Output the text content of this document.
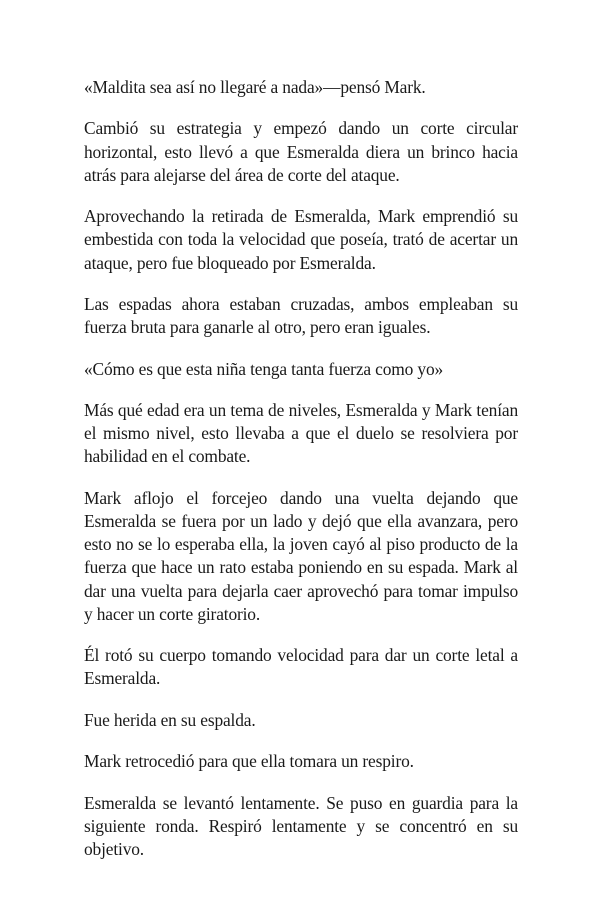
«Maldita sea así no llegaré a nada»—pensó Mark.

Cambió su estrategia y empezó dando un corte circular horizontal, esto llevó a que Esmeralda diera un brinco hacia atrás para alejarse del área de corte del ataque.

Aprovechando la retirada de Esmeralda, Mark emprendió su embestida con toda la velocidad que poseía, trató de acertar un ataque, pero fue bloqueado por Esmeralda.

Las espadas ahora estaban cruzadas, ambos empleaban su fuerza bruta para ganarle al otro, pero eran iguales.

«Cómo es que esta niña tenga tanta fuerza como yo»

Más qué edad era un tema de niveles, Esmeralda y Mark tenían el mismo nivel, esto llevaba a que el duelo se resolviera por habilidad en el combate.

Mark aflojo el forcejeo dando una vuelta dejando que Esmeralda se fuera por un lado y dejó que ella avanzara, pero esto no se lo esperaba ella, la joven cayó al piso producto de la fuerza que hace un rato estaba poniendo en su espada. Mark al dar una vuelta para dejarla caer aprovechó para tomar impulso y hacer un corte giratorio.

Él rotó su cuerpo tomando velocidad para dar un corte letal a Esmeralda.

Fue herida en su espalda.

Mark retrocedió para que ella tomara un respiro.

Esmeralda se levantó lentamente. Se puso en guardia para la siguiente ronda. Respiró lentamente y se concentró en su objetivo.
